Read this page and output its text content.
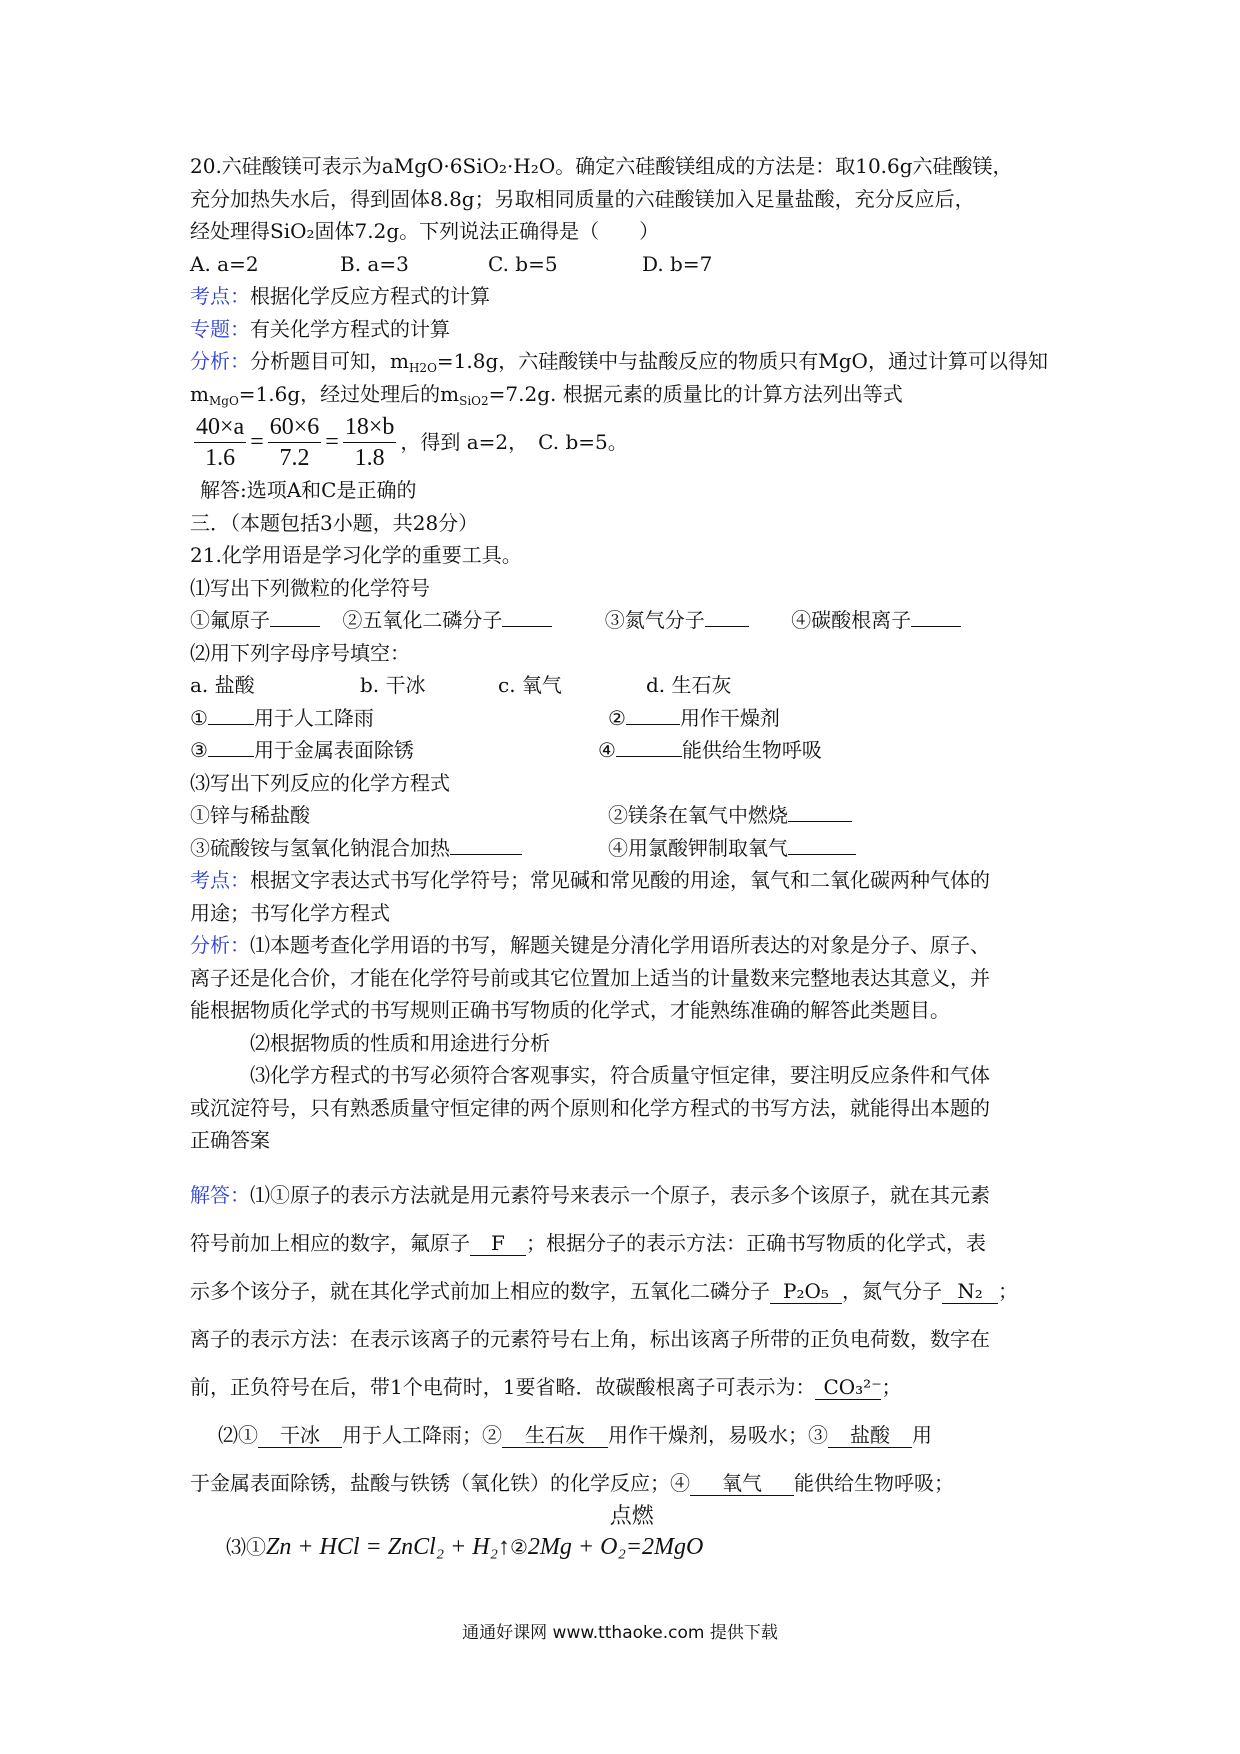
20.六硅酸镁可表示为aMgO·6SiO₂·H₂O。确定六硅酸镁组成的方法是：取10.6g六硅酸镁，
充分加热失水后，得到固体8.8g；另取相同质量的六硅酸镁加入足量盐酸，充分反应后，
经处理得SiO₂固体7.2g。下列说法正确得是（　　）
A. a=2	B. a=3	C. b=5	D. b=7
考点：根据化学反应方程式的计算
专题：有关化学方程式的计算
分析：分析题目可知，$m_{H2O}=1.8g$，六硅酸镁中与盐酸反应的物质只有MgO，通过计算可以得知
$m_{MgO}=1.6g$，经过处理后的$m_{SiO2}=7.2g$. 根据元素的质量比的计算方法列出等式
$\frac{40\times a}{1.6} = \frac{60\times 6}{7.2} = \frac{18\times b}{1.8}$ ，得到 a=2，　C. b=5。
解答:选项A和C是正确的
三．（本题包括3小题，共28分）
21.化学用语是学习化学的重要工具。
⑴写出下列微粒的化学符号
①氟原子	②五氧化二磷分子	③氮气分子	④碳酸根离子
⑵用下列字母序号填空：
a. 盐酸	b. 干冰	c. 氧气	d. 生石灰
① 用于人工降雨	②	用作干燥剂
③ 用于金属表面除锈	④	能供给生物呼吸
⑶写出下列反应的化学方程式
①锌与稀盐酸	②镁条在氧气中燃烧
③硫酸铵与氢氧化钠混合加热	④用氯酸钾制取氧气
考点：根据文字表达式书写化学符号；常见碱和常见酸的用途，氧气和二氧化碳两种气体的
用途；书写化学方程式
分析：⑴本题考查化学用语的书写，解题关键是分清化学用语所表达的对象是分子、原子、
离子还是化合价，才能在化学符号前或其它位置加上适当的计量数来完整地表达其意义，并
能根据物质化学式的书写规则正确书写物质的化学式，才能熟练准确的解答此类题目。
⑵根据物质的性质和用途进行分析
⑶化学方程式的书写必须符合客观事实，符合质量守恒定律，要注明反应条件和气体
或沉淀符号，只有熟悉质量守恒定律的两个原则和化学方程式的书写方法，就能得出本题的
正确答案
解答：⑴①原子的表示方法就是用元素符号来表示一个原子，表示多个该原子，就在其元素
符号前加上相应的数字，氟原子 F ；根据分子的表示方法：正确书写物质的化学式，表
示多个该分子，就在其化学式前加上相应的数字，五氧化二磷分子 P₂O₅ ，氮气分子 N₂ ；
离子的表示方法：在表示该离子的元素符号右上角，标出该离子所带的正负电荷数，数字在
前，正负符号在后，带1个电荷时，1要省略．故碳酸根离子可表示为： CO₃²⁻；
⑵① 干冰 用于人工降雨；② 生石灰 用作干燥剂，易吸水；③ 盐酸 用
于金属表面除锈，盐酸与铁锈（氧化铁）的化学反应；④ 氧气 能供给生物呼吸；
⑶①Zn + HCl = ZnCl₂ + H₂↑②2Mg + O₂
点燃
=2MgO
通通好课网 www.tthaoke.com 提供下载
